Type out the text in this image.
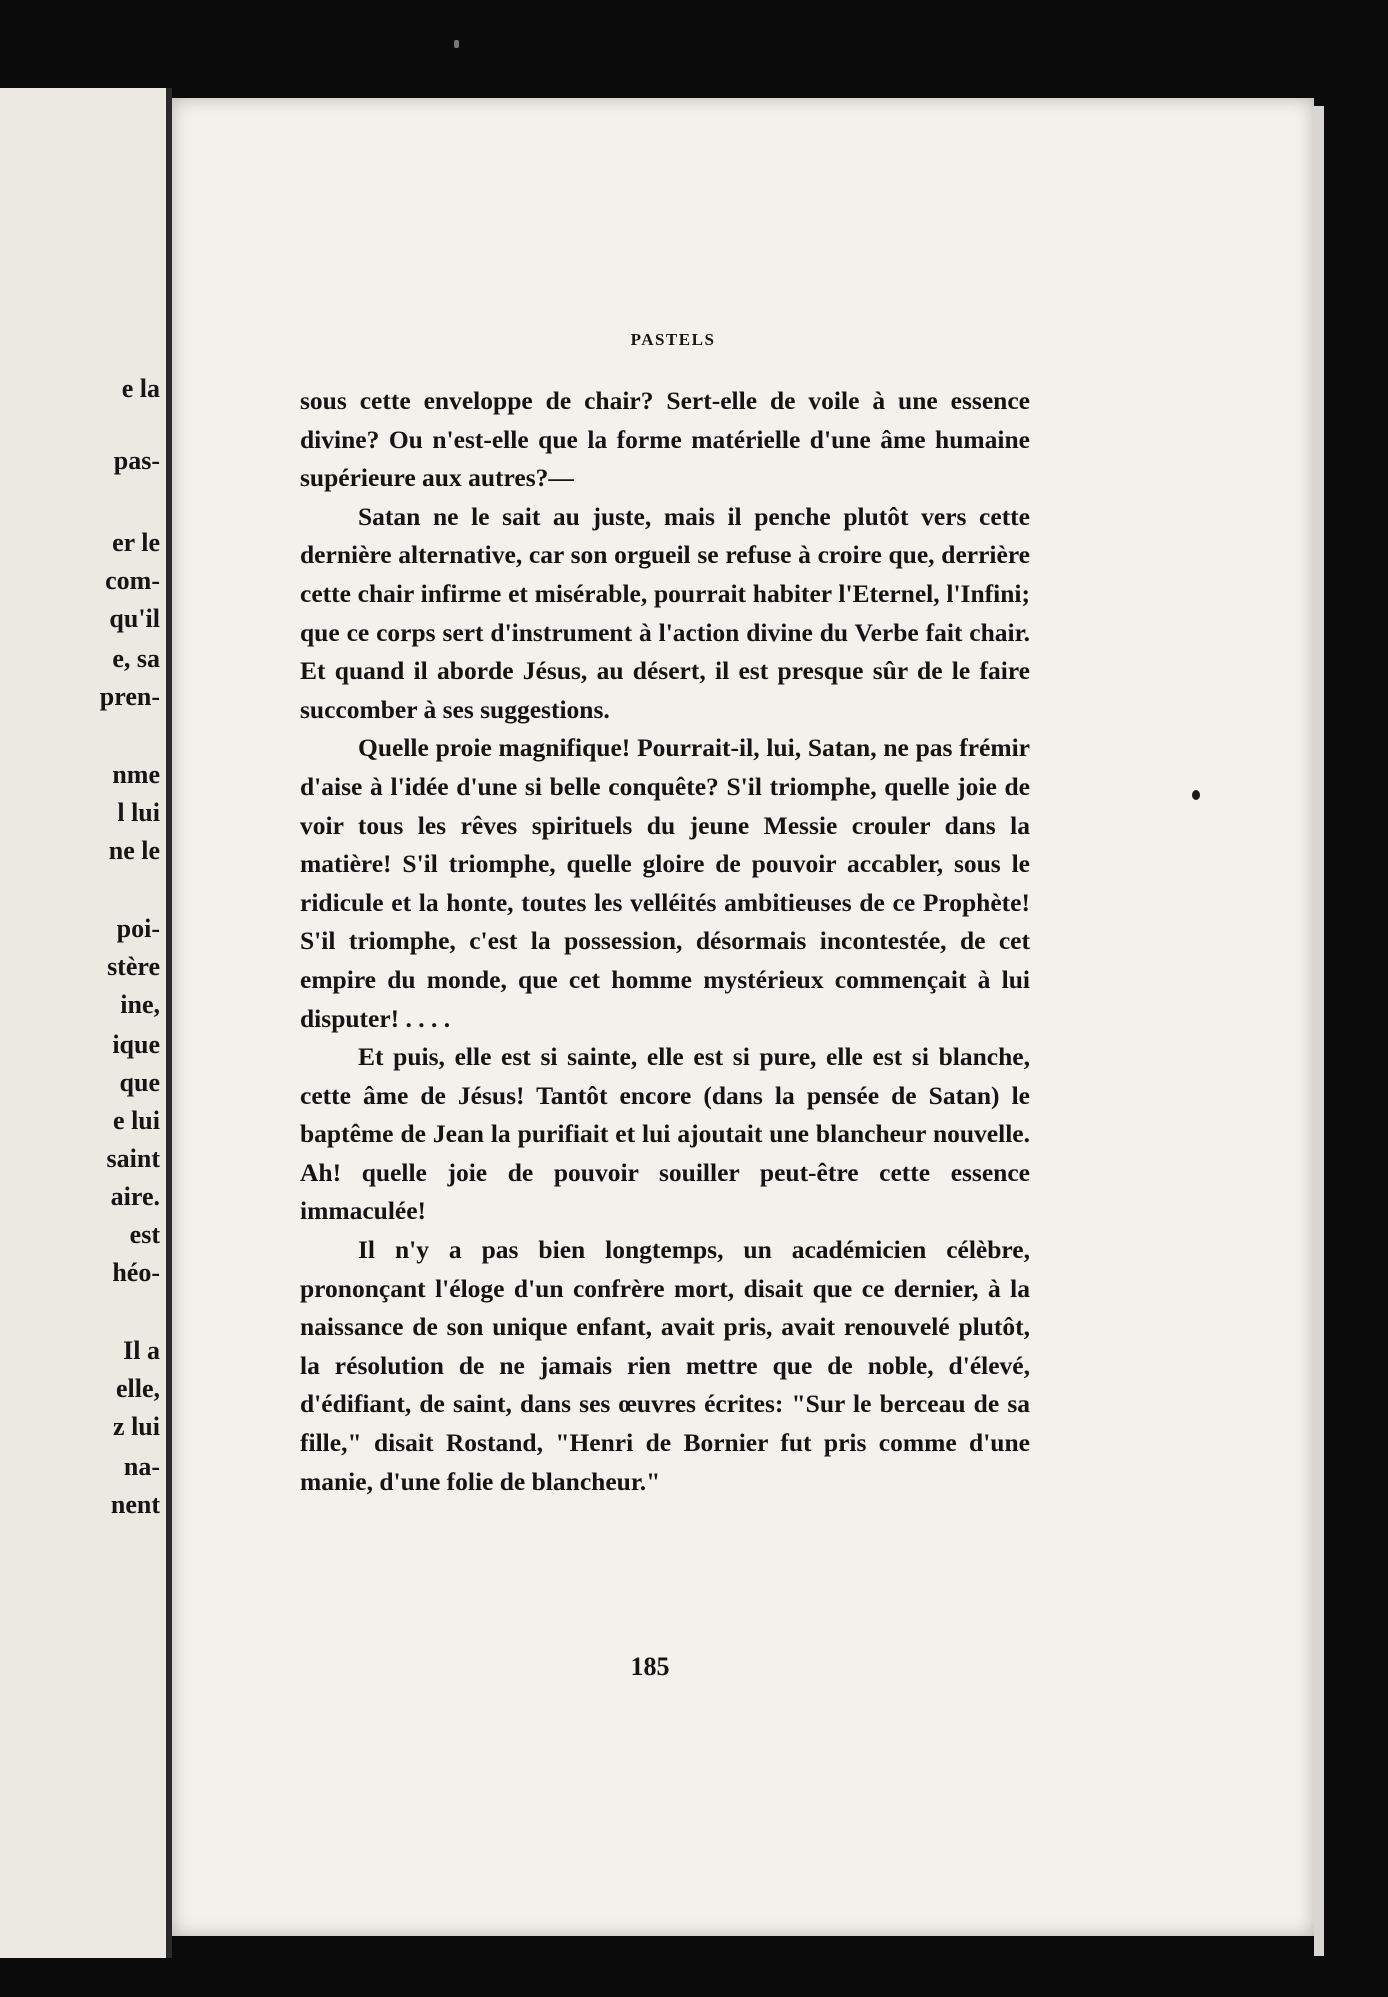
e la
pas-
er le
com-
qu'il
e, sa
pren-
nme
l lui
ne le
poi-
stère
ine,
ique
que
e lui
saint
aire.
est
héo-
Il a
elle,
z lui
na-
nent
PASTELS

sous cette enveloppe de chair? Sert-elle de voile à une essence divine? Ou n'est-elle que la forme matérielle d'une âme humaine supérieure aux autres?—

Satan ne le sait au juste, mais il penche plutôt vers cette dernière alternative, car son orgueil se refuse à croire que, derrière cette chair infirme et misérable, pourrait habiter l'Eternel, l'Infini; que ce corps sert d'instrument à l'action divine du Verbe fait chair. Et quand il aborde Jésus, au désert, il est presque sûr de le faire succomber à ses suggestions.

Quelle proie magnifique! Pourrait-il, lui, Satan, ne pas frémir d'aise à l'idée d'une si belle conquête? S'il triomphe, quelle joie de voir tous les rêves spirituels du jeune Messie crouler dans la matière! S'il triomphe, quelle gloire de pouvoir accabler, sous le ridicule et la honte, toutes les velléités ambitieuses de ce Prophète! S'il triomphe, c'est la possession, désormais incontestée, de cet empire du monde, que cet homme mystérieux commençait à lui disputer! . . . .

Et puis, elle est si sainte, elle est si pure, elle est si blanche, cette âme de Jésus! Tantôt encore (dans la pensée de Satan) le baptême de Jean la purifiait et lui ajoutait une blancheur nouvelle. Ah! quelle joie de pouvoir souiller peut-être cette essence immaculée!

Il n'y a pas bien longtemps, un académicien célèbre, prononçant l'éloge d'un confrère mort, disait que ce dernier, à la naissance de son unique enfant, avait pris, avait renouvelé plutôt, la résolution de ne jamais rien mettre que de noble, d'élevé, d'édifiant, de saint, dans ses œuvres écrites: "Sur le berceau de sa fille," disait Rostand, "Henri de Bornier fut pris comme d'une manie, d'une folie de blancheur."

185
